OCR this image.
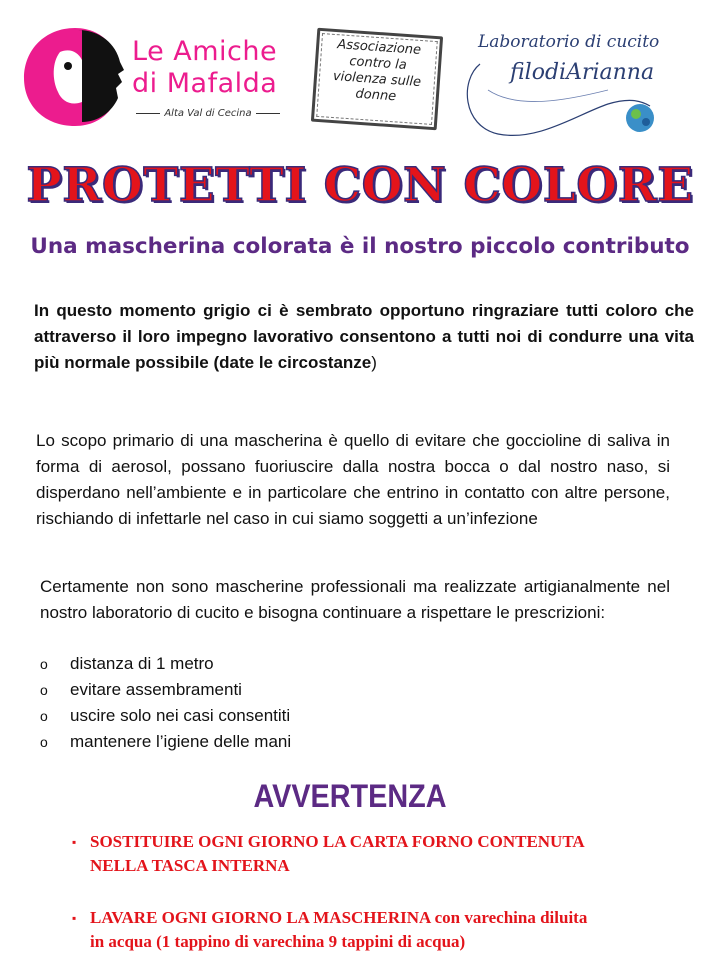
Le Amiche
di Mafalda
Alta Val di Cecina
Associazione
contro la
violenza sulle
donne
Laboratorio di cucito
filodiArianna
PROTETTI CON COLORE
Una mascherina colorata è il nostro piccolo contributo
In questo momento grigio ci è sembrato opportuno ringraziare tutti coloro che attraverso il loro impegno lavorativo consentono a tutti noi di condurre una vita più normale possibile (date le circostanze)
Lo scopo primario di una mascherina è quello di evitare che goccioline di saliva in forma di aerosol, possano fuoriuscire dalla nostra bocca o dal nostro naso, si disperdano nell’ambiente e in particolare che entrino in contatto con altre persone, rischiando di infettarle nel caso in cui siamo soggetti a un’infezione
Certamente non sono mascherine professionali ma realizzate artigianalmente nel nostro laboratorio di cucito e bisogna continuare a rispettare le prescrizioni:
o	distanza di 1 metro
o	evitare assembramenti
o	uscire solo nei casi consentiti
o	mantenere l’igiene delle mani
AVVERTENZA
▪ SOSTITUIRE OGNI GIORNO LA CARTA FORNO CONTENUTA
NELLA TASCA INTERNA
▪ LAVARE OGNI GIORNO LA MASCHERINA con varechina diluita
in acqua (1 tappino di varechina 9 tappini di acqua)
